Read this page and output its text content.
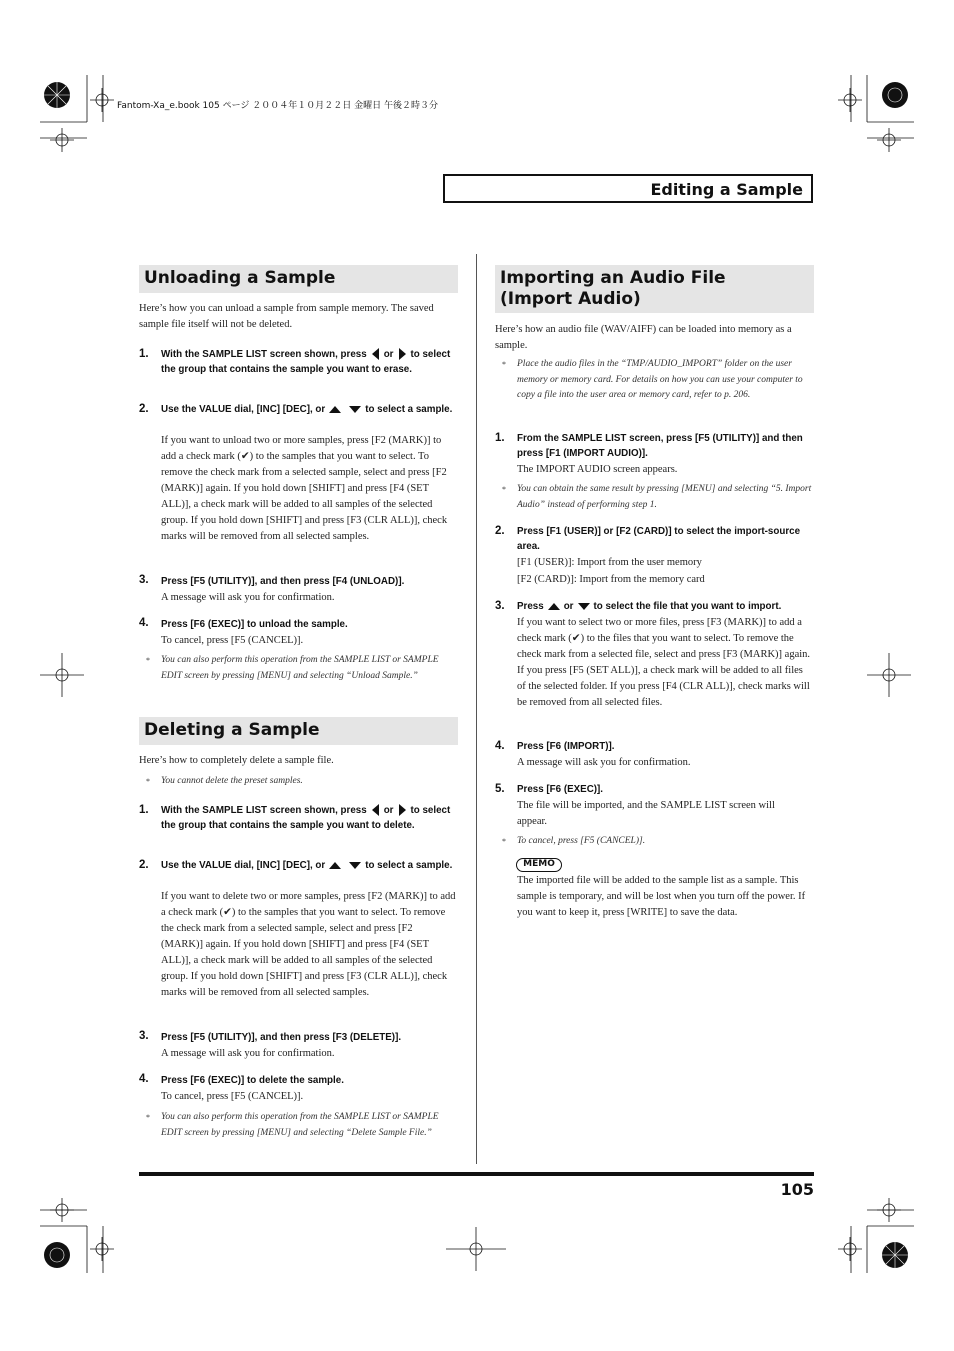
Fantom-Xa_e.book 105 ページ ２００４年１０月２２日 金曜日 午後２時３分
Editing a Sample
Unloading a Sample
Here’s how you can unload a sample from sample memory. The saved sample file itself will not be deleted.
1. With the SAMPLE LIST screen shown, press or to select the group that contains the sample you want to erase.
2. Use the VALUE dial, [INC] [DEC], or	to select a sample.
If you want to unload two or more samples, press [F2 (MARK)] to add a check mark (✔) to the samples that you want to select. To remove the check mark from a selected sample, select and press [F2 (MARK)] again. If you hold down [SHIFT] and press [F4 (SET ALL)], a check mark will be added to all samples of the selected group. If you hold down [SHIFT] and press [F3 (CLR ALL)], check marks will be removed from all selected samples.
3. Press [F5 (UTILITY)], and then press [F4 (UNLOAD)].
A message will ask you for confirmation.
4. Press [F6 (EXEC)] to unload the sample.
To cancel, press [F5 (CANCEL)].
* You can also perform this operation from the SAMPLE LIST or SAMPLE EDIT screen by pressing [MENU] and selecting “Unload Sample.”
Deleting a Sample
Here’s how to completely delete a sample file.
* You cannot delete the preset samples.
1. With the SAMPLE LIST screen shown, press or to select the group that contains the sample you want to delete.
2. Use the VALUE dial, [INC] [DEC], or	to select a sample.
If you want to delete two or more samples, press [F2 (MARK)] to add a check mark (✔) to the samples that you want to select. To remove the check mark from a selected sample, select and press [F2 (MARK)] again. If you hold down [SHIFT] and press [F4 (SET ALL)], a check mark will be added to all samples of the selected group. If you hold down [SHIFT] and press [F3 (CLR ALL)], check marks will be removed from all selected samples.
3. Press [F5 (UTILITY)], and then press [F3 (DELETE)].
A message will ask you for confirmation.
4. Press [F6 (EXEC)] to delete the sample.
To cancel, press [F5 (CANCEL)].
* You can also perform this operation from the SAMPLE LIST or SAMPLE EDIT screen by pressing [MENU] and selecting “Delete Sample File.”
Importing an Audio File
(Import Audio)
Here’s how an audio file (WAV/AIFF) can be loaded into memory as a sample.
* Place the audio files in the “TMP/AUDIO_IMPORT” folder on the user memory or memory card. For details on how you can use your computer to copy a file into the user area or memory card, refer to p. 206.
1. From the SAMPLE LIST screen, press [F5 (UTILITY)] and then press [F1 (IMPORT AUDIO)].
The IMPORT AUDIO screen appears.
* You can obtain the same result by pressing [MENU] and selecting “5. Import Audio” instead of performing step 1.
2. Press [F1 (USER)] or [F2 (CARD)] to select the import-source area.
[F1 (USER)]: Import from the user memory
[F2 (CARD)]: Import from the memory card
3. Press or to select the file that you want to import.
If you want to select two or more files, press [F3 (MARK)] to add a check mark (✔) to the files that you want to select. To remove the check mark from a selected file, select and press [F3 (MARK)] again. If you press [F5 (SET ALL)], a check mark will be added to all files of the selected folder. If you press [F4 (CLR ALL)], check marks will be removed from all selected files.
4. Press [F6 (IMPORT)].
A message will ask you for confirmation.
5. Press [F6 (EXEC)].
The file will be imported, and the SAMPLE LIST screen will appear.
* To cancel, press [F5 (CANCEL)].
MEMO
The imported file will be added to the sample list as a sample. This sample is temporary, and will be lost when you turn off the power. If you want to keep it, press [WRITE] to save the data.
105
